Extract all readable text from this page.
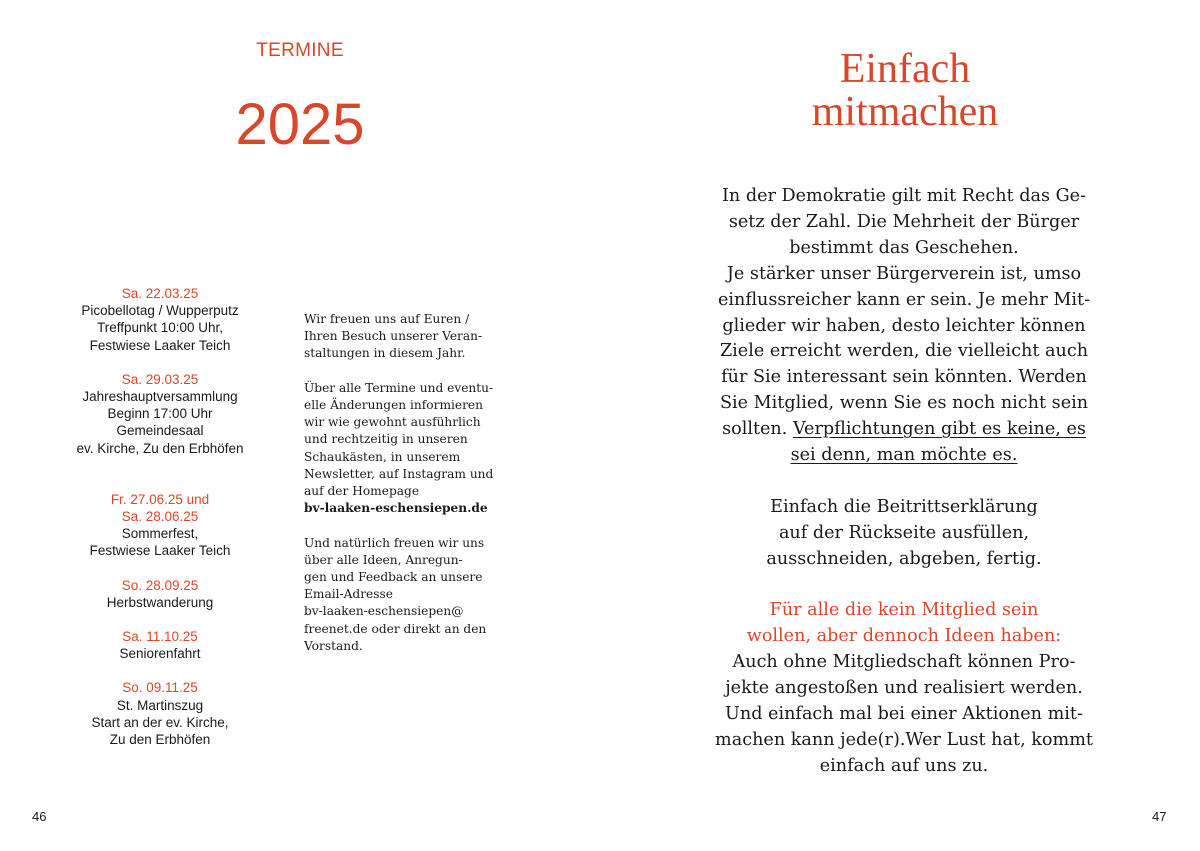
TERMINE
2025
Sa. 22.03.25
Picobellotag / Wupperputz
Treffpunkt 10:00 Uhr,
Festwiese Laaker Teich
Sa. 29.03.25
Jahreshauptversammlung
Beginn 17:00 Uhr
Gemeindesaal
ev. Kirche, Zu den Erbhöfen
Fr. 27.06.25 und
Sa. 28.06.25
Sommerfest,
Festwiese Laaker Teich
So. 28.09.25
Herbstwanderung
Sa. 11.10.25
Seniorenfahrt
So. 09.11.25
St. Martinszug
Start an der ev. Kirche,
Zu den Erbhöfen

Wir freuen uns auf Euren /
Ihren Besuch unserer Veran-
staltungen in diesem Jahr.

Über alle Termine und eventu-
elle Änderungen informieren
wir wie gewohnt ausführlich
und rechtzeitig in unseren
Schaukästen, in unserem
Newsletter, auf Instagram und
auf der Homepage
bv-laaken-eschensiepen.de

Und natürlich freuen wir uns
über alle Ideen, Anregun-
gen und Feedback an unsere
Email-Adresse
bv-laaken-eschensiepen@
freenet.de oder direkt an den
Vorstand.

46
Einfach
mitmachen

In der Demokratie gilt mit Recht das Ge-
setz der Zahl. Die Mehrheit der Bürger
bestimmt das Geschehen.
Je stärker unser Bürgerverein ist, umso
einflussreicher kann er sein. Je mehr Mit-
glieder wir haben, desto leichter können
Ziele erreicht werden, die vielleicht auch
für Sie interessant sein könnten. Werden
Sie Mitglied, wenn Sie es noch nicht sein
sollten. Verpflichtungen gibt es keine, es
sei denn, man möchte es.

Einfach die Beitrittserklärung
auf der Rückseite ausfüllen,
ausschneiden, abgeben, fertig.

Für alle die kein Mitglied sein
wollen, aber dennoch Ideen haben:
Auch ohne Mitgliedschaft können Pro-
jekte angestoßen und realisiert werden.
Und einfach mal bei einer Aktionen mit-
machen kann jede(r).Wer Lust hat, kommt
einfach auf uns zu.

47
